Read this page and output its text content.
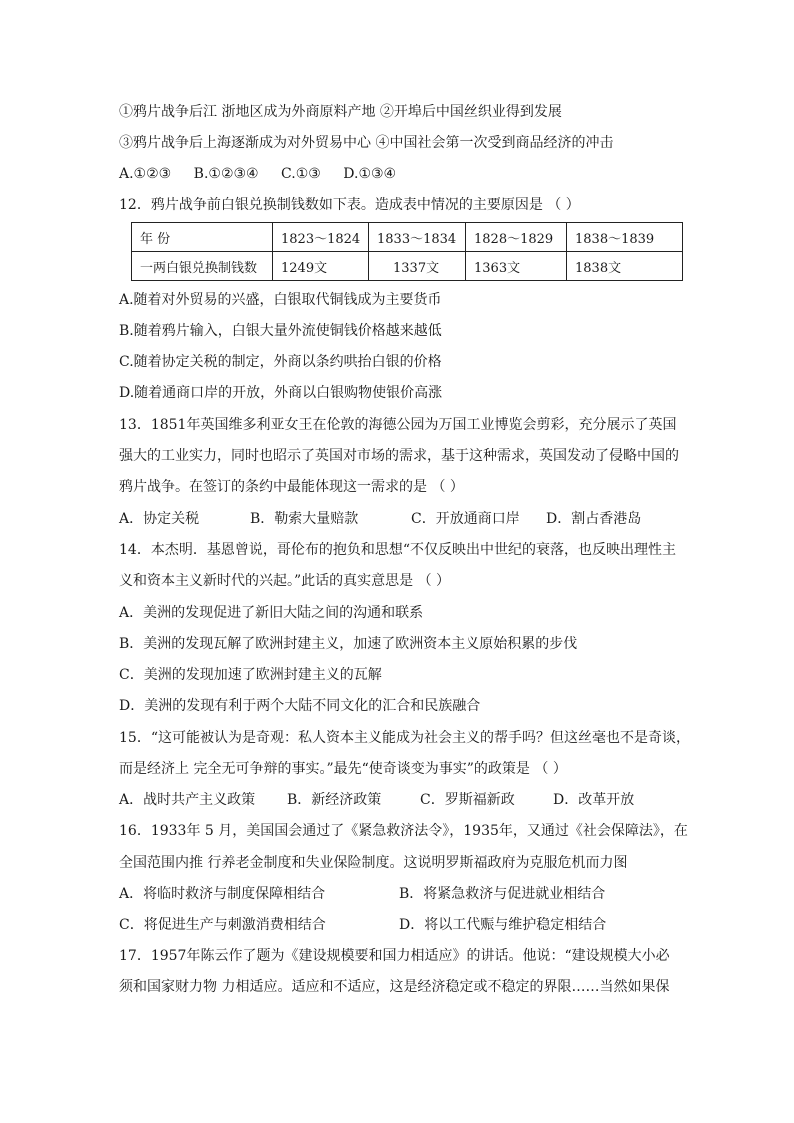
①鸦片战争后江 浙地区成为外商原料产地 ②开埠后中国丝织业得到发展
③鸦片战争后上海逐渐成为对外贸易中心 ④中国社会第一次受到商品经济的冲击
A.①②③ B.①②③④ C.①③ D.①③④
12．鸦片战争前白银兑换制钱数如下表。造成表中情况的主要原因是 （ ）
年 份	1823～1824	1833～1834	1828～1829	1838～1839
一两白银兑换制钱数	1249文	1337文	1363文	1838文
A.随着对外贸易的兴盛，白银取代铜钱成为主要货币
B.随着鸦片输入，白银大量外流使铜钱价格越来越低
C.随着协定关税的制定，外商以条约哄抬白银的价格
D.随着通商口岸的开放，外商以白银购物使银价高涨
13．1851年英国维多利亚女王在伦敦的海德公园为万国工业博览会剪彩，充分展示了英国
强大的工业实力，同时也昭示了英国对市场的需求，基于这种需求，英国发动了侵略中国的
鸦片战争。在签订的条约中最能体现这一需求的是 （ ）
A．协定关税	B．勒索大量赔款	C．开放通商口岸 D．割占香港岛
14．本杰明．基恩曾说，哥伦布的抱负和思想“不仅反映出中世纪的衰落，也反映出理性主
义和资本主义新时代的兴起。”此话的真实意思是 （ ）
A．美洲的发现促进了新旧大陆之间的沟通和联系
B．美洲的发现瓦解了欧洲封建主义，加速了欧洲资本主义原始积累的步伐
C．美洲的发现加速了欧洲封建主义的瓦解
D．美洲的发现有利于两个大陆不同文化的汇合和民族融合
15．“这可能被认为是奇观：私人资本主义能成为社会主义的帮手吗？但这丝毫也不是奇谈，
而是经济上 完全无可争辩的事实。”最先“使奇谈变为事实”的政策是 （ ）
A．战时共产主义政策 B．新经济政策	C．罗斯福新政	D．改革开放
16．1933年 5 月，美国国会通过了《紧急救济法令》，1935年，又通过《社会保障法》，在
全国范围内推 行养老金制度和失业保险制度。这说明罗斯福政府为克服危机而力图
A．将临时救济与制度保障相结合	B．将紧急救济与促进就业相结合
C．将促进生产与刺激消费相结合	D．将以工代赈与维护稳定相结合
17．1957年陈云作了题为《建设规模要和国力相适应》的讲话。他说：“建设规模大小必
须和国家财力物 力相适应。适应和不适应，这是经济稳定或不稳定的界限……当然如果保
